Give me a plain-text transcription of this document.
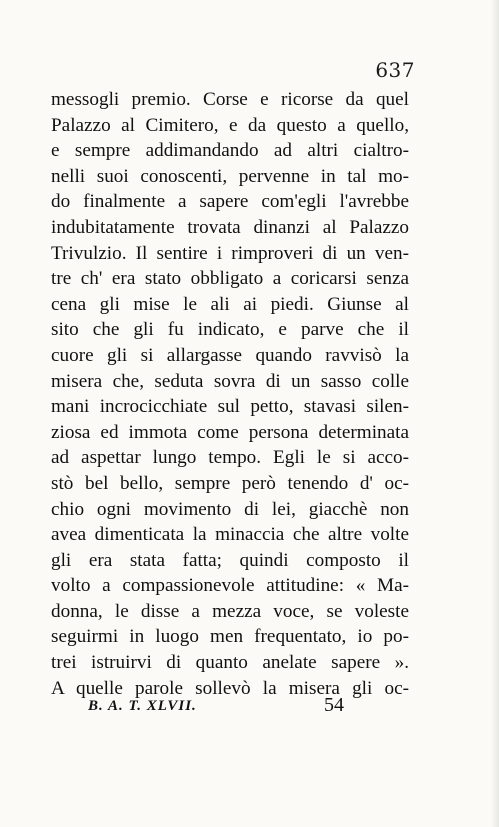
637
messogli premio. Corse e ricorse da quel
Palazzo al Cimitero, e da questo a quello,
e sempre addimandando ad altri cialtro-
nelli suoi conoscenti, pervenne in tal mo-
do finalmente a sapere com'egli l'avrebbe
indubitatamente trovata dinanzi al Palazzo
Trivulzio. Il sentire i rimproveri di un ven-
tre ch' era stato obbligato a coricarsi senza
cena gli mise le ali ai piedi. Giunse al
sito che gli fu indicato, e parve che il
cuore gli si allargasse quando ravvisò la
misera che, seduta sovra di un sasso colle
mani incrocicchiate sul petto, stavasi silen-
ziosa ed immota come persona determinata
ad aspettar lungo tempo. Egli le si acco-
stò bel bello, sempre però tenendo d' oc-
chio ogni movimento di lei, giacchè non
avea dimenticata la minaccia che altre volte
gli era stata fatta; quindi composto il
volto a compassionevole attitudine: « Ma-
donna, le disse a mezza voce, se voleste
seguirmi in luogo men frequentato, io po-
trei istruirvi di quanto anelate sapere ».
A quelle parole sollevò la misera gli oc-
B. A. T. XLVII.	54
